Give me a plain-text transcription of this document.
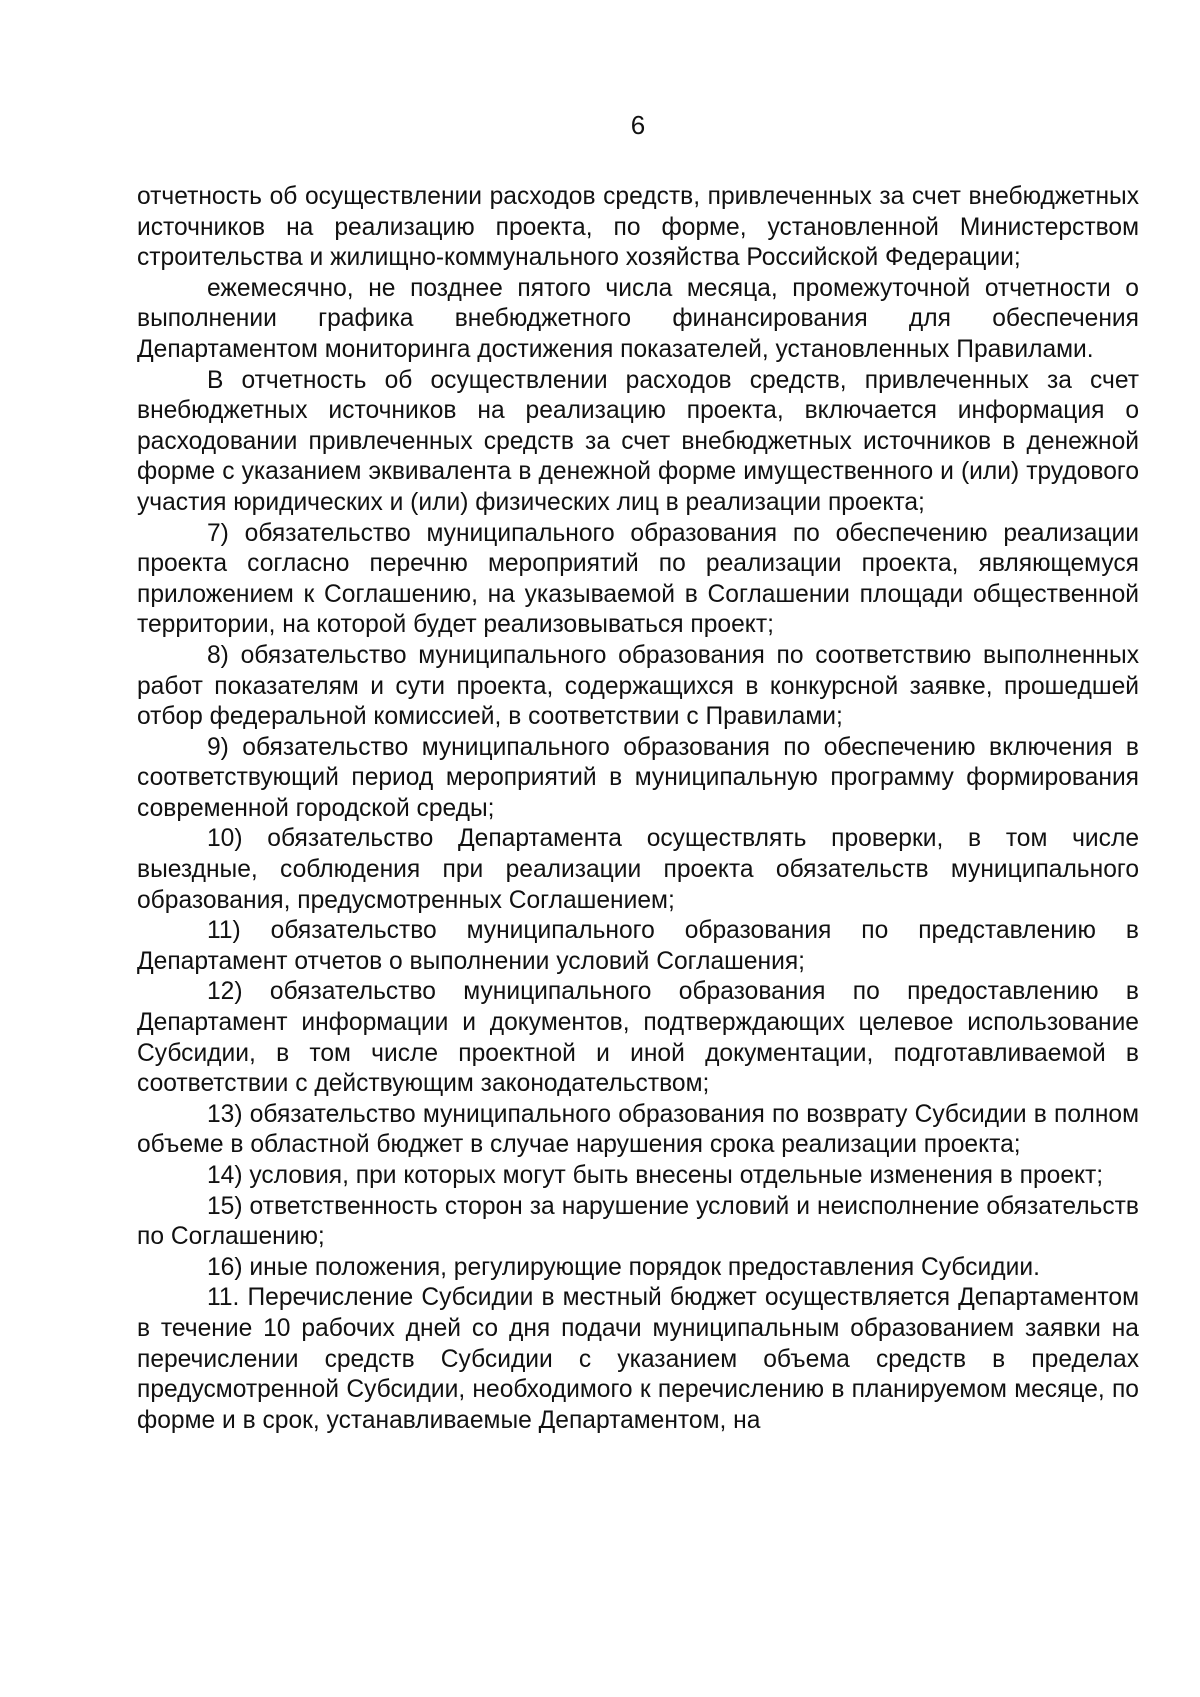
6

отчетность об осуществлении расходов средств, привлеченных за счет внебюджетных источников на реализацию проекта, по форме, установленной Министерством строительства и жилищно-коммунального хозяйства Российской Федерации;

ежемесячно, не позднее пятого числа месяца, промежуточной отчетности о выполнении графика внебюджетного финансирования для обеспечения Департаментом мониторинга достижения показателей, установленных Правилами.

В отчетность об осуществлении расходов средств, привлеченных за счет внебюджетных источников на реализацию проекта, включается информация о расходовании привлеченных средств за счет внебюджетных источников в денежной форме с указанием эквивалента в денежной форме имущественного и (или) трудового участия юридических и (или) физических лиц в реализации проекта;

7) обязательство муниципального образования по обеспечению реализации проекта согласно перечню мероприятий по реализации проекта, являющемуся приложением к Соглашению, на указываемой в Соглашении площади общественной территории, на которой будет реализовываться проект;

8) обязательство муниципального образования по соответствию выполненных работ показателям и сути проекта, содержащихся в конкурсной заявке, прошедшей отбор федеральной комиссией, в соответствии с Правилами;

9) обязательство муниципального образования по обеспечению включения в соответствующий период мероприятий в муниципальную программу формирования современной городской среды;

10) обязательство Департамента осуществлять проверки, в том числе выездные, соблюдения при реализации проекта обязательств муниципального образования, предусмотренных Соглашением;

11) обязательство муниципального образования по представлению в Департамент отчетов о выполнении условий Соглашения;

12) обязательство муниципального образования по предоставлению в Департамент информации и документов, подтверждающих целевое использование Субсидии, в том числе проектной и иной документации, подготавливаемой в соответствии с действующим законодательством;

13) обязательство муниципального образования по возврату Субсидии в полном объеме в областной бюджет в случае нарушения срока реализации проекта;

14) условия, при которых могут быть внесены отдельные изменения в проект;

15) ответственность сторон за нарушение условий и неисполнение обязательств по Соглашению;

16) иные положения, регулирующие порядок предоставления Субсидии.

11. Перечисление Субсидии в местный бюджет осуществляется Департаментом в течение 10 рабочих дней со дня подачи муниципальным образованием заявки на перечислении средств Субсидии с указанием объема средств в пределах предусмотренной Субсидии, необходимого к перечислению в планируемом месяце, по форме и в срок, устанавливаемые Департаментом, на
